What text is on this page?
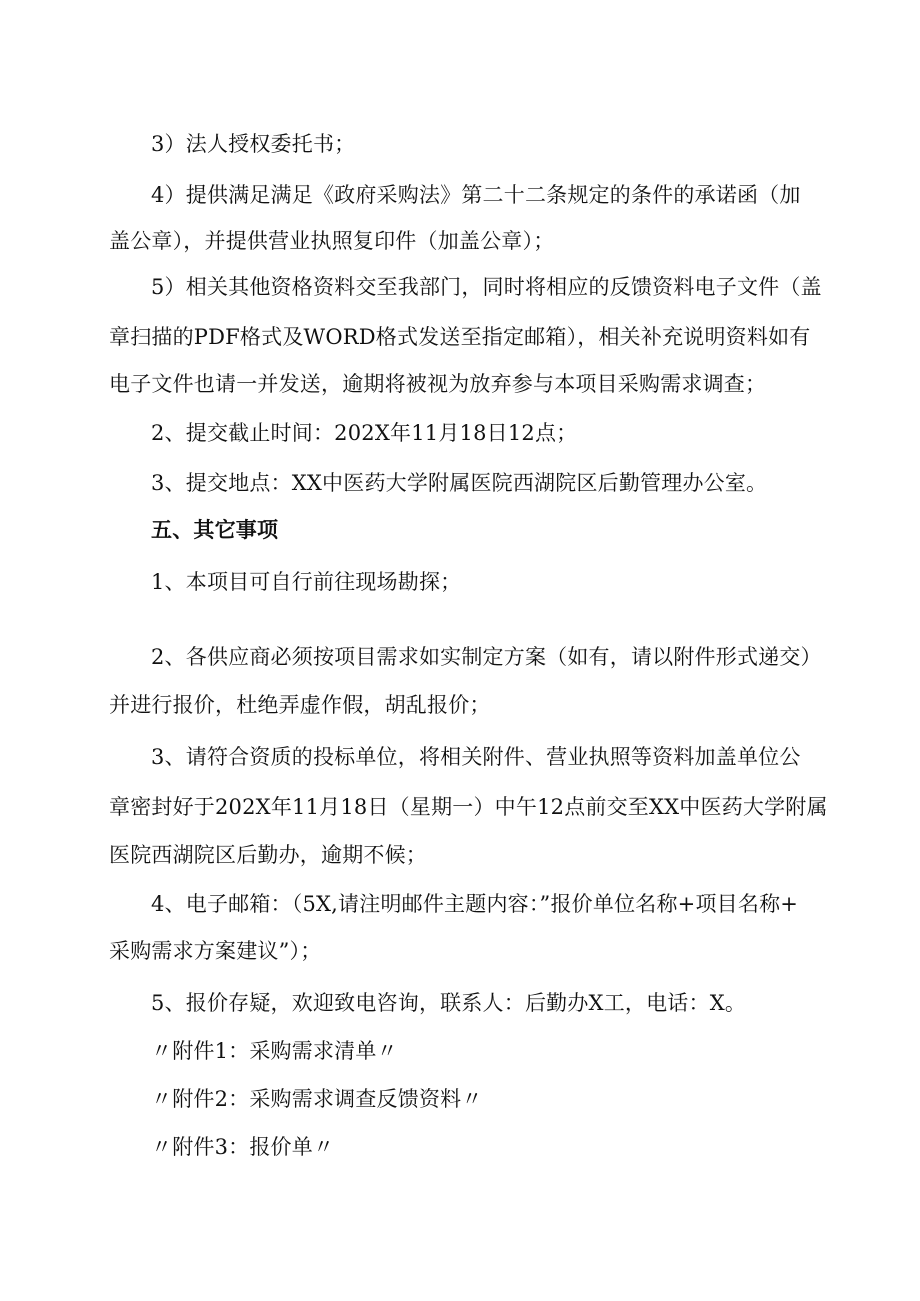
3）法人授权委托书；
4）提供满足满足《政府采购法》第二十二条规定的条件的承诺函（加
盖公章），并提供营业执照复印件（加盖公章）；
5）相关其他资格资料交至我部门，同时将相应的反馈资料电子文件（盖
章扫描的PDF格式及WORD格式发送至指定邮箱），相关补充说明资料如有
电子文件也请一并发送，逾期将被视为放弃参与本项目采购需求调查；
2、提交截止时间：202X年11月18日12点；
3、提交地点：XX中医药大学附属医院西湖院区后勤管理办公室。
五、其它事项
1、本项目可自行前往现场勘探；
2、各供应商必须按项目需求如实制定方案（如有，请以附件形式递交）
并进行报价，杜绝弄虚作假，胡乱报价；
3、请符合资质的投标单位，将相关附件、营业执照等资料加盖单位公
章密封好于202X年11月18日（星期一）中午12点前交至XX中医药大学附属
医院西湖院区后勤办，逾期不候；
4、电子邮箱：（5X,请注明邮件主题内容：”报价单位名称+项目名称+
采购需求方案建议”）；
5、报价存疑，欢迎致电咨询，联系人：后勤办X工，电话：X。
〃附件1：采购需求清单〃
〃附件2：采购需求调查反馈资料〃
〃附件3：报价单〃
